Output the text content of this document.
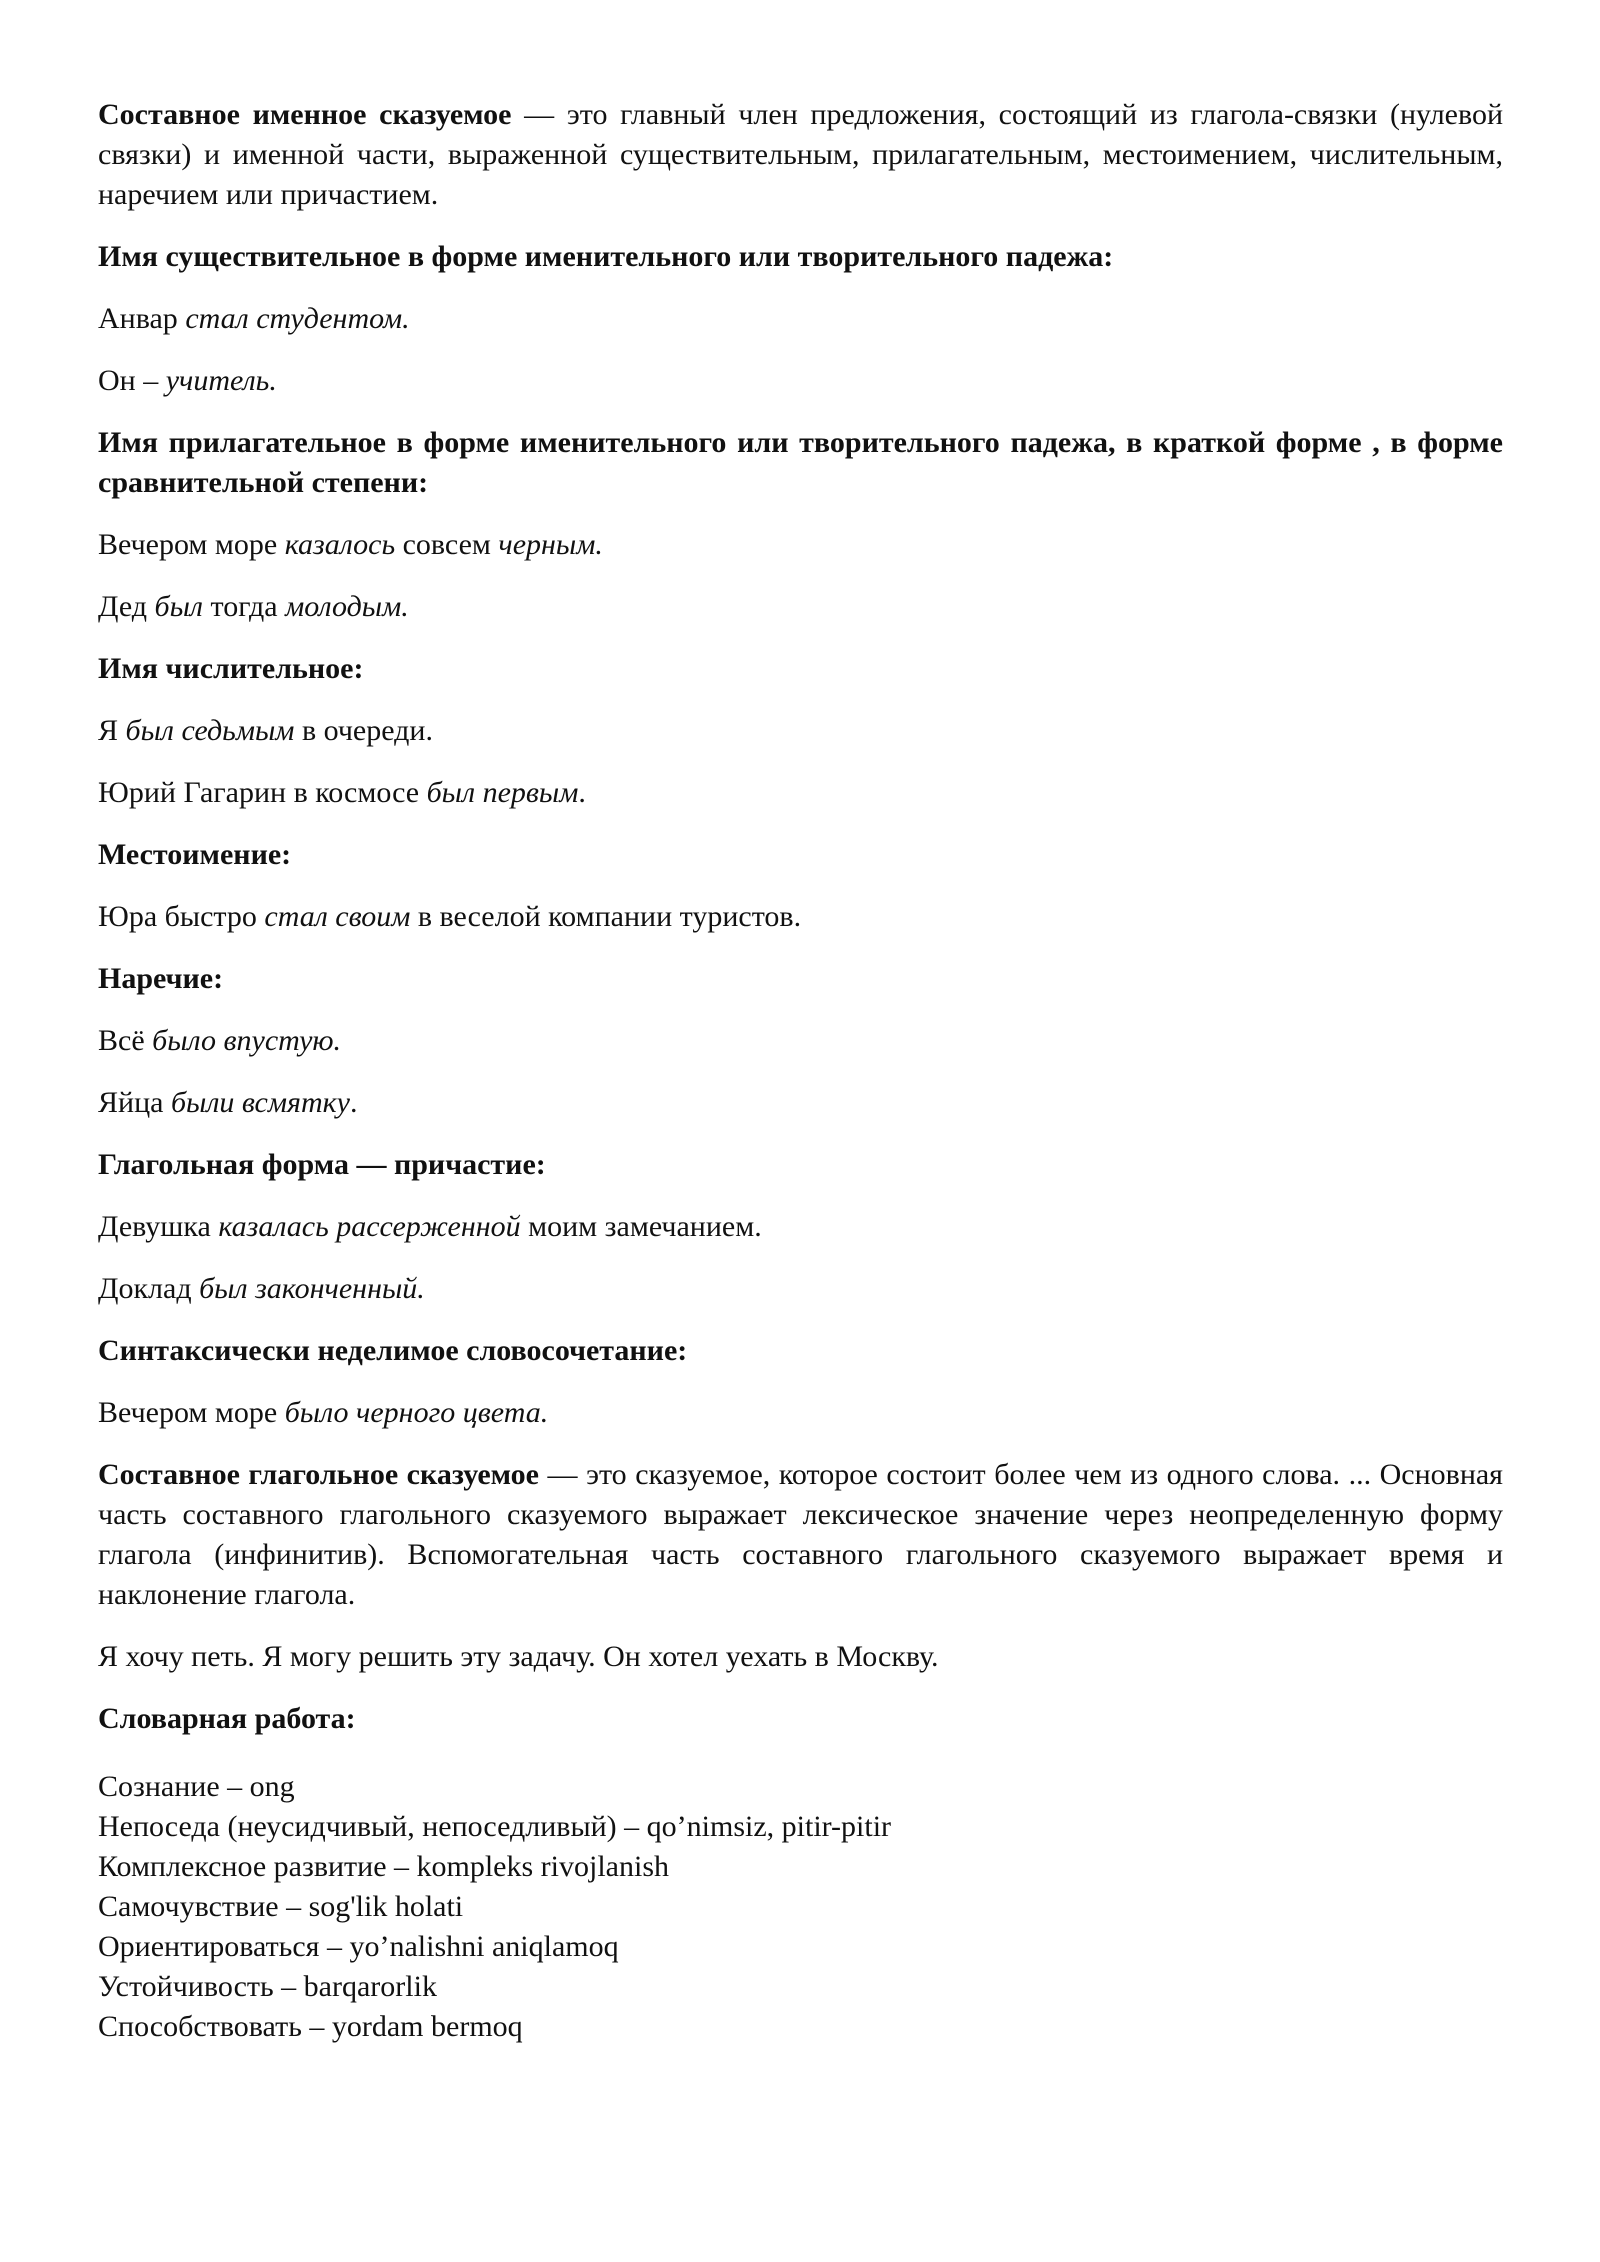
Составное именное сказуемое — это главный член предложения, состоящий из глагола-связки (нулевой связки) и именной части, выраженной существительным, прилагательным, местоимением, числительным, наречием или причастием.

Имя существительное в форме именительного или творительного падежа:

Анвар стал студентом.

Он – учитель.

Имя прилагательное в форме именительного или творительного падежа, в краткой форме , в форме сравнительной степени:

Вечером море казалось совсем черным.

Дед был тогда молодым.

Имя числительное:

Я был седьмым в очереди.

Юрий Гагарин в космосе был первым.

Местоимение:

Юра быстро стал своим в веселой компании туристов.

Наречие:

Всё было впустую.

Яйца были всмятку.

Глагольная форма — причастие:

Девушка казалась рассерженной моим замечанием.

Доклад был законченный.

Синтаксически неделимое словосочетание:

Вечером море было черного цвета.

Составное глагольное сказуемое — это сказуемое, которое состоит более чем из одного слова. ... Основная часть составного глагольного сказуемого выражает лексическое значение через неопределенную форму глагола (инфинитив). Вспомогательная часть составного глагольного сказуемого выражает время и наклонение глагола.

Я хочу петь. Я могу решить эту задачу. Он хотел уехать в Москву.

Словарная работа:

Сознание – ong
Непоседа (неусидчивый, непоседливый) – qo’nimsiz, pitir-pitir
Комплексное развитие – kompleks rivojlanish
Самочувствие – sog'lik holati
Ориентироваться – yo’nalishni aniqlamoq
Устойчивость – barqarorlik
Способствовать – yordam bermoq
